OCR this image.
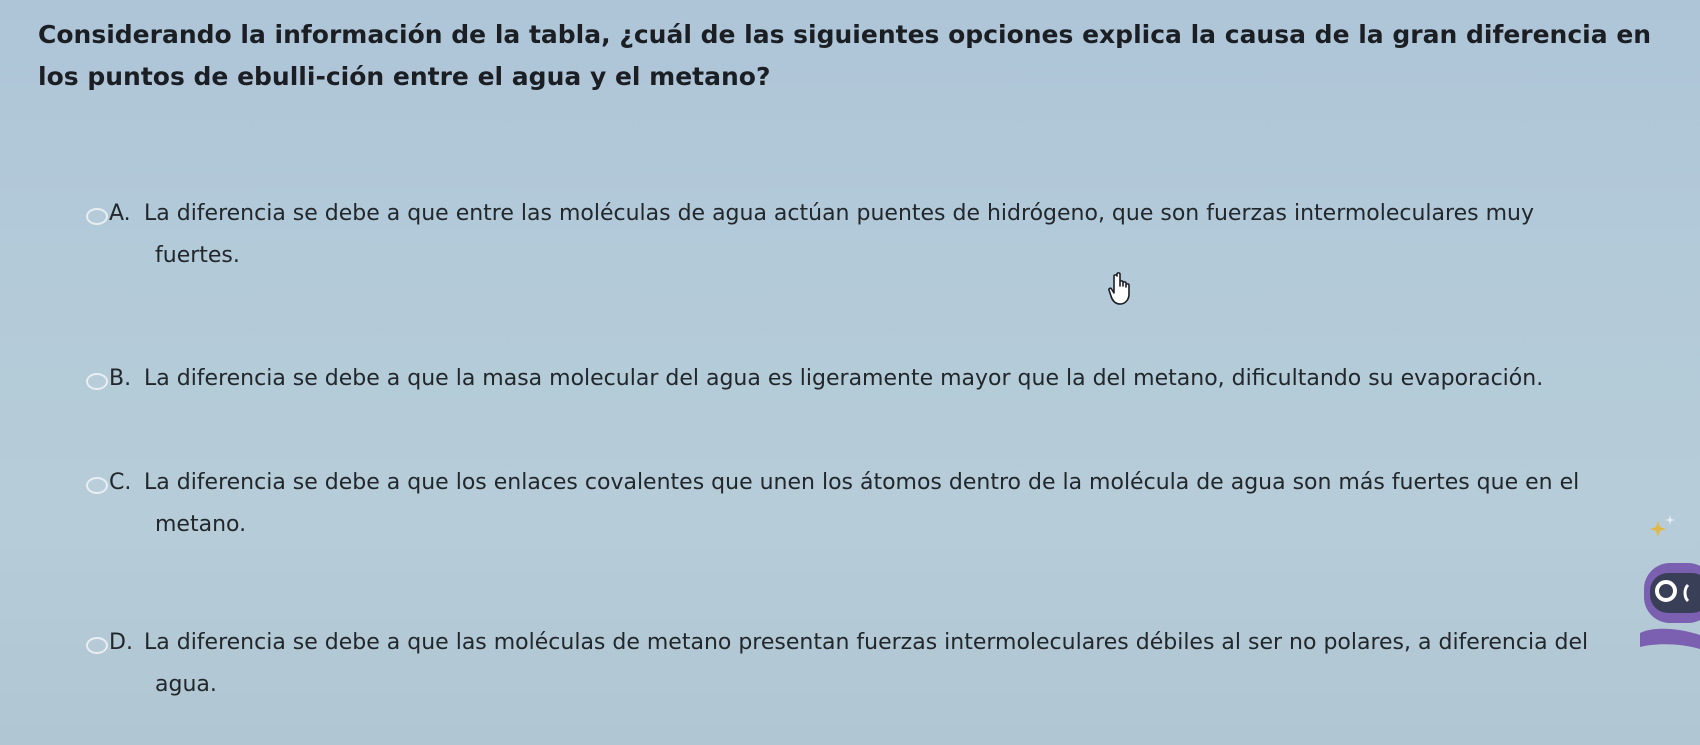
Considerando la información de la tabla, ¿cuál de las siguientes opciones explica la causa de la gran diferencia en los puntos de ebulli-ción entre el agua y el metano?
A. La diferencia se debe a que entre las moléculas de agua actúan puentes de hidrógeno, que son fuerzas intermoleculares muy
fuertes.
B. La diferencia se debe a que la masa molecular del agua es ligeramente mayor que la del metano, dificultando su evaporación.
C. La diferencia se debe a que los enlaces covalentes que unen los átomos dentro de la molécula de agua son más fuertes que en el
metano.
D. La diferencia se debe a que las moléculas de metano presentan fuerzas intermoleculares débiles al ser no polares, a diferencia del
agua.
